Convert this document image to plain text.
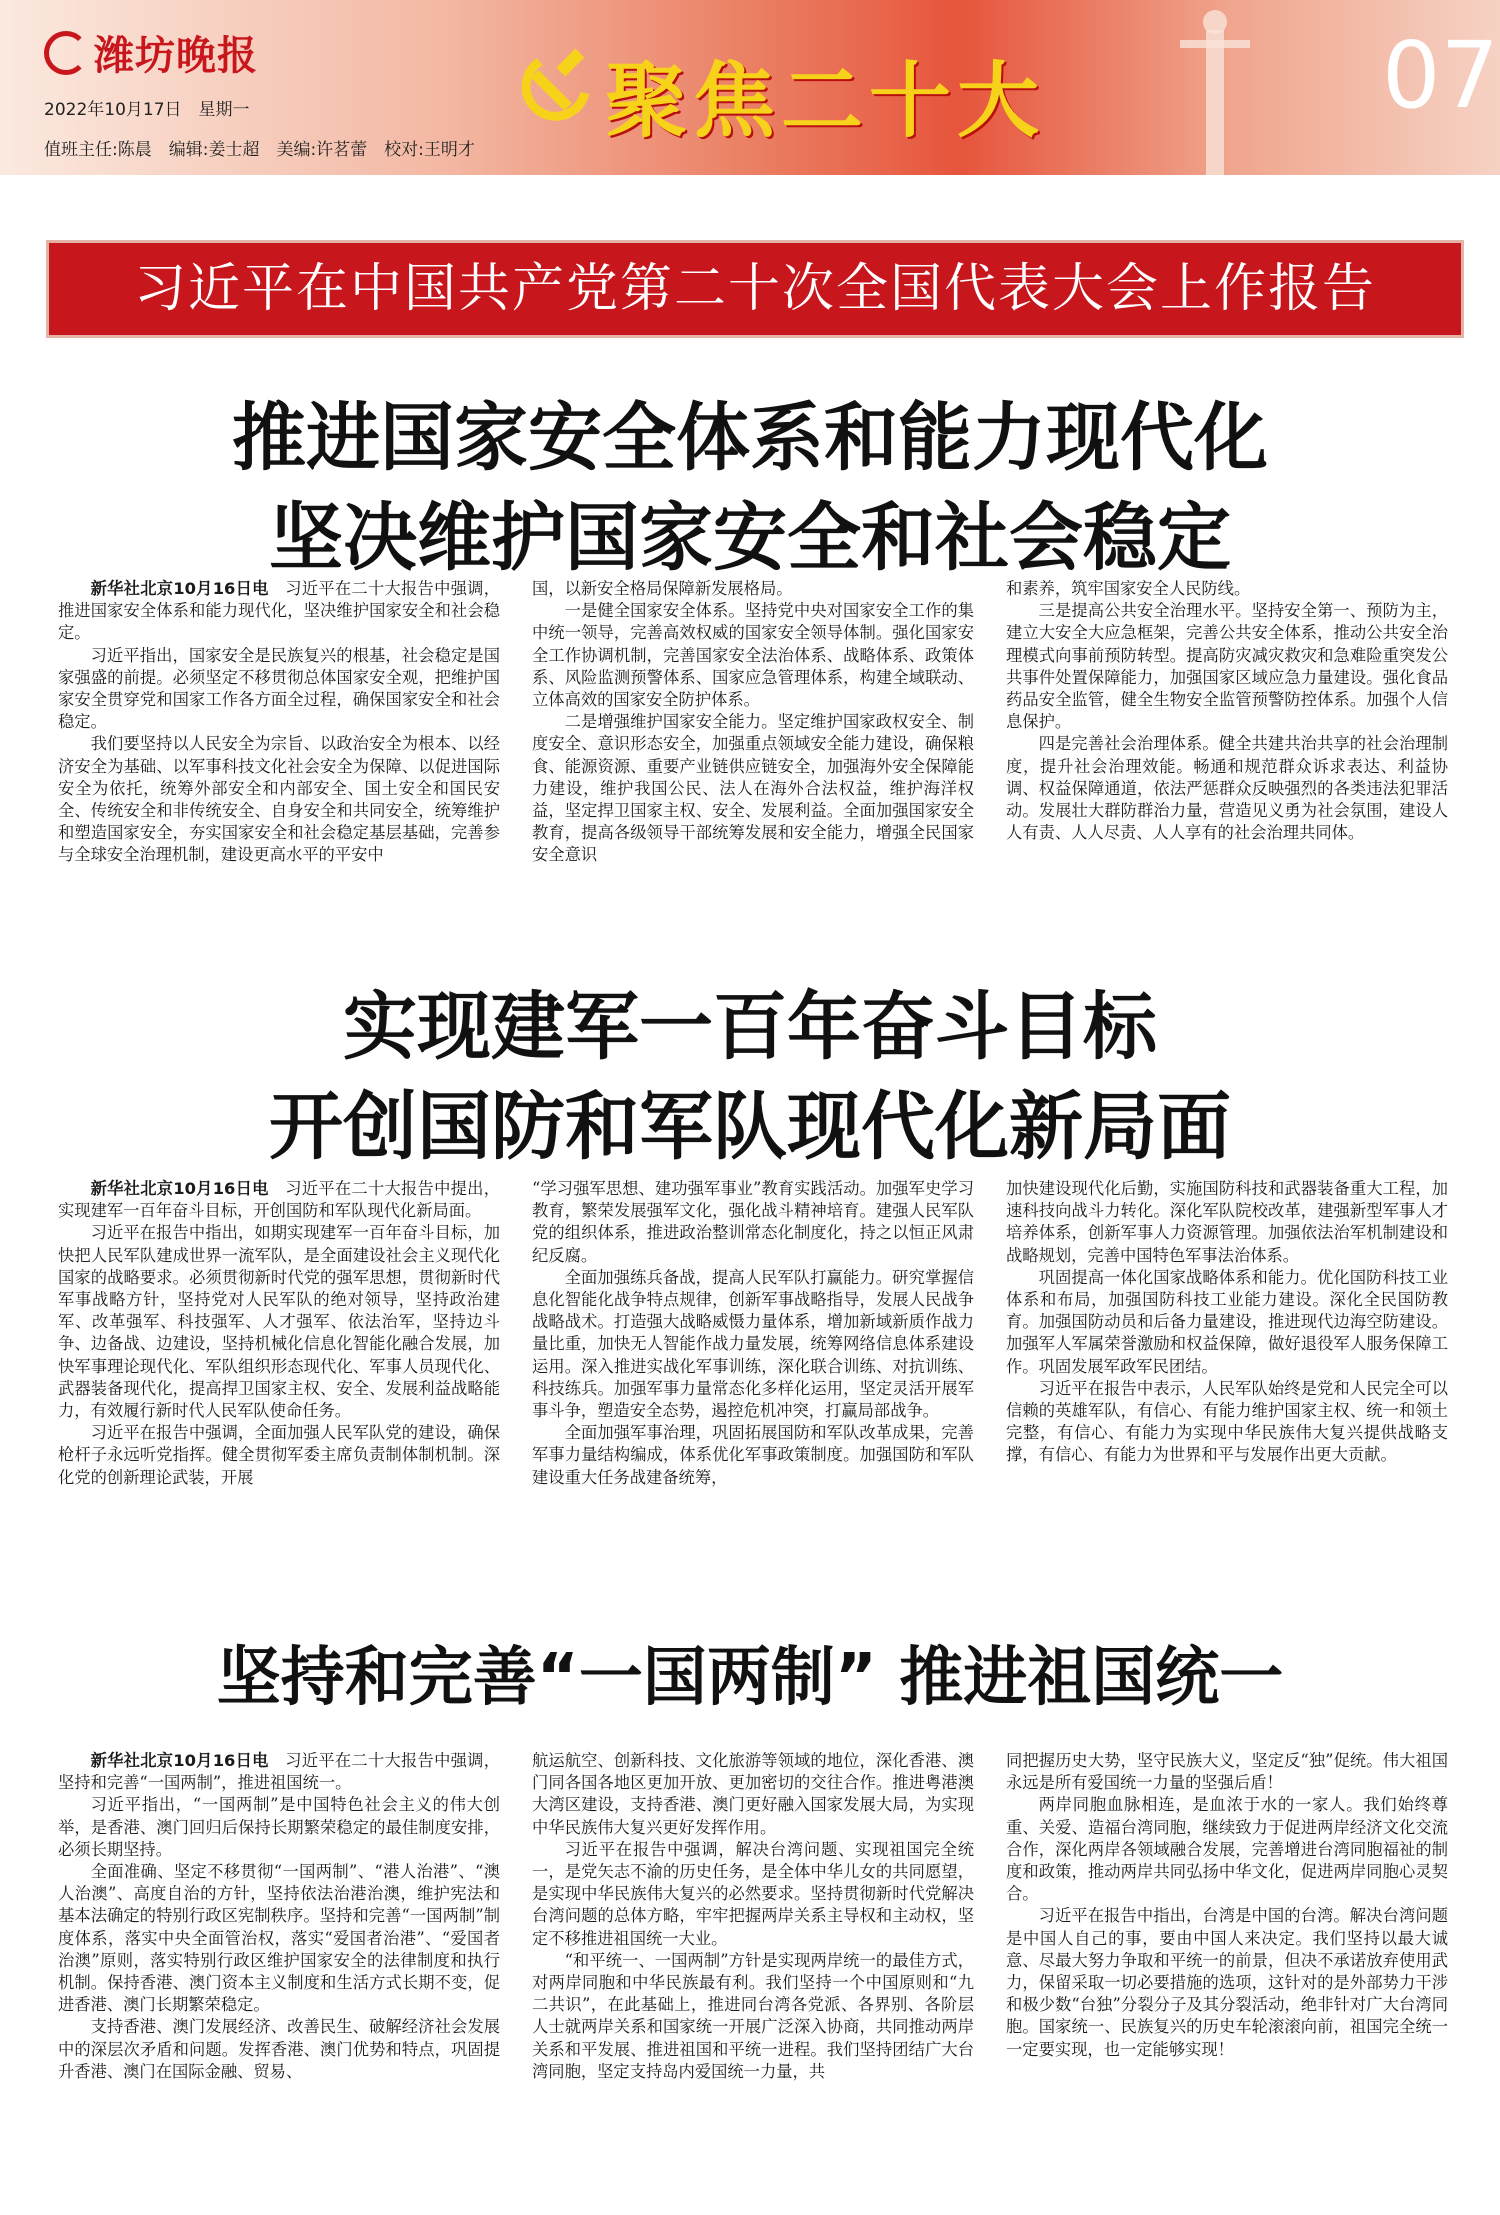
潍坊晚报
2022年10月17日　星期一
值班主任:陈晨　编辑:姜士超　美编:许茗蕾　校对:王明才
聚焦二十大	07
习近平在中国共产党第二十次全国代表大会上作报告
推进国家安全体系和能力现代化
坚决维护国家安全和社会稳定

新华社北京10月16日电　 习近平在二十大报告中强调，推进国家安全体系和能力现代化，坚决维护国家安全和社会稳定。

习近平指出，国家安全是民族复兴的根基，社会稳定是国家强盛的前提。必须坚定不移贯彻总体国家安全观，把维护国家安全贯穿党和国家工作各方面全过程，确保国家安全和社会稳定。

我们要坚持以人民安全为宗旨、以政治安全为根本、以经济安全为基础、以军事科技文化社会安全为保障、以促进国际安全为依托，统筹外部安全和内部安全、国土安全和国民安全、传统安全和非传统安全、自身安全和共同安全，统筹维护和塑造国家安全，夯实国家安全和社会稳定基层基础，完善参与全球安全治理机制，建设更高水平的平安中

国，以新安全格局保障新发展格局。

一是健全国家安全体系。坚持党中央对国家安全工作的集中统一领导，完善高效权威的国家安全领导体制。强化国家安全工作协调机制，完善国家安全法治体系、战略体系、政策体系、风险监测预警体系、国家应急管理体系，构建全域联动、立体高效的国家安全防护体系。

二是增强维护国家安全能力。坚定维护国家政权安全、制度安全、意识形态安全，加强重点领域安全能力建设，确保粮食、能源资源、重要产业链供应链安全，加强海外安全保障能力建设，维护我国公民、法人在海外合法权益，维护海洋权益，坚定捍卫国家主权、安全、发展利益。全面加强国家安全教育，提高各级领导干部统筹发展和安全能力，增强全民国家安全意识

和素养，筑牢国家安全人民防线。

三是提高公共安全治理水平。坚持安全第一、预防为主，建立大安全大应急框架，完善公共安全体系，推动公共安全治理模式向事前预防转型。提高防灾减灾救灾和急难险重突发公共事件处置保障能力，加强国家区域应急力量建设。强化食品药品安全监管，健全生物安全监管预警防控体系。加强个人信息保护。

四是完善社会治理体系。健全共建共治共享的社会治理制度，提升社会治理效能。畅通和规范群众诉求表达、利益协调、权益保障通道，依法严惩群众反映强烈的各类违法犯罪活动。发展壮大群防群治力量，营造见义勇为社会氛围，建设人人有责、人人尽责、人人享有的社会治理共同体。

实现建军一百年奋斗目标
开创国防和军队现代化新局面

新华社北京10月16日电　 习近平在二十大报告中提出，实现建军一百年奋斗目标，开创国防和军队现代化新局面。

习近平在报告中指出，如期实现建军一百年奋斗目标，加快把人民军队建成世界一流军队，是全面建设社会主义现代化国家的战略要求。必须贯彻新时代党的强军思想，贯彻新时代军事战略方针，坚持党对人民军队的绝对领导，坚持政治建军、改革强军、科技强军、人才强军、依法治军，坚持边斗争、边备战、边建设，坚持机械化信息化智能化融合发展，加快军事理论现代化、军队组织形态现代化、军事人员现代化、武器装备现代化，提高捍卫国家主权、安全、发展利益战略能力，有效履行新时代人民军队使命任务。

习近平在报告中强调，全面加强人民军队党的建设，确保枪杆子永远听党指挥。健全贯彻军委主席负责制体制机制。深化党的创新理论武装，开展

“学习强军思想、建功强军事业”教育实践活动。加强军史学习教育，繁荣发展强军文化，强化战斗精神培育。建强人民军队党的组织体系，推进政治整训常态化制度化，持之以恒正风肃纪反腐。

全面加强练兵备战，提高人民军队打赢能力。研究掌握信息化智能化战争特点规律，创新军事战略指导，发展人民战争战略战术。打造强大战略威慑力量体系，增加新域新质作战力量比重，加快无人智能作战力量发展，统筹网络信息体系建设运用。深入推进实战化军事训练，深化联合训练、对抗训练、科技练兵。加强军事力量常态化多样化运用，坚定灵活开展军事斗争，塑造安全态势，遏控危机冲突，打赢局部战争。

全面加强军事治理，巩固拓展国防和军队改革成果，完善军事力量结构编成，体系优化军事政策制度。加强国防和军队建设重大任务战建备统筹，

加快建设现代化后勤，实施国防科技和武器装备重大工程，加速科技向战斗力转化。深化军队院校改革，建强新型军事人才培养体系，创新军事人力资源管理。加强依法治军机制建设和战略规划，完善中国特色军事法治体系。

巩固提高一体化国家战略体系和能力。优化国防科技工业体系和布局，加强国防科技工业能力建设。深化全民国防教育。加强国防动员和后备力量建设，推进现代边海空防建设。加强军人军属荣誉激励和权益保障，做好退役军人服务保障工作。巩固发展军政军民团结。

习近平在报告中表示，人民军队始终是党和人民完全可以信赖的英雄军队，有信心、有能力维护国家主权、统一和领土完整，有信心、有能力为实现中华民族伟大复兴提供战略支撑，有信心、有能力为世界和平与发展作出更大贡献。

坚持和完善“一国两制” 推进祖国统一

新华社北京10月16日电　 习近平在二十大报告中强调，坚持和完善“一国两制”，推进祖国统一。

习近平指出，“一国两制”是中国特色社会主义的伟大创举，是香港、澳门回归后保持长期繁荣稳定的最佳制度安排，必须长期坚持。

全面准确、坚定不移贯彻“一国两制”、“港人治港”、“澳人治澳”、高度自治的方针，坚持依法治港治澳，维护宪法和基本法确定的特别行政区宪制秩序。坚持和完善“一国两制”制度体系，落实中央全面管治权，落实“爱国者治港”、“爱国者治澳”原则，落实特别行政区维护国家安全的法律制度和执行机制。保持香港、澳门资本主义制度和生活方式长期不变，促进香港、澳门长期繁荣稳定。

支持香港、澳门发展经济、改善民生、破解经济社会发展中的深层次矛盾和问题。发挥香港、澳门优势和特点，巩固提升香港、澳门在国际金融、贸易、

航运航空、创新科技、文化旅游等领域的地位，深化香港、澳门同各国各地区更加开放、更加密切的交往合作。推进粤港澳大湾区建设，支持香港、澳门更好融入国家发展大局，为实现中华民族伟大复兴更好发挥作用。

习近平在报告中强调，解决台湾问题、实现祖国完全统一，是党矢志不渝的历史任务，是全体中华儿女的共同愿望，是实现中华民族伟大复兴的必然要求。坚持贯彻新时代党解决台湾问题的总体方略，牢牢把握两岸关系主导权和主动权，坚定不移推进祖国统一大业。

“和平统一、一国两制”方针是实现两岸统一的最佳方式，对两岸同胞和中华民族最有利。我们坚持一个中国原则和“九二共识”，在此基础上，推进同台湾各党派、各界别、各阶层人士就两岸关系和国家统一开展广泛深入协商，共同推动两岸关系和平发展、推进祖国和平统一进程。我们坚持团结广大台湾同胞，坚定支持岛内爱国统一力量，共

同把握历史大势，坚守民族大义，坚定反“独”促统。伟大祖国永远是所有爱国统一力量的坚强后盾！

两岸同胞血脉相连，是血浓于水的一家人。我们始终尊重、关爱、造福台湾同胞，继续致力于促进两岸经济文化交流合作，深化两岸各领域融合发展，完善增进台湾同胞福祉的制度和政策，推动两岸共同弘扬中华文化，促进两岸同胞心灵契合。

习近平在报告中指出，台湾是中国的台湾。解决台湾问题是中国人自己的事，要由中国人来决定。我们坚持以最大诚意、尽最大努力争取和平统一的前景，但决不承诺放弃使用武力，保留采取一切必要措施的选项，这针对的是外部势力干涉和极少数“台独”分裂分子及其分裂活动，绝非针对广大台湾同胞。国家统一、民族复兴的历史车轮滚滚向前，祖国完全统一一定要实现，也一定能够实现！
